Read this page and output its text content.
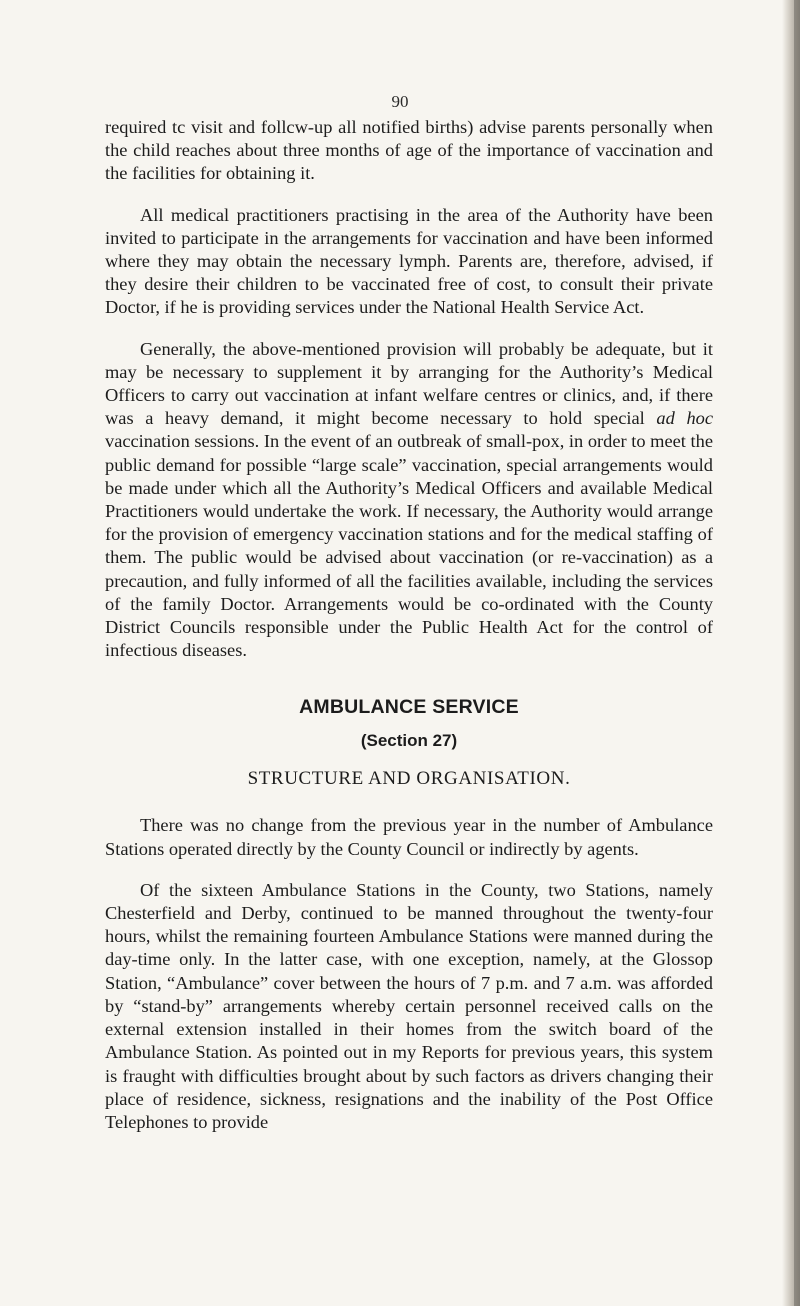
90

required tc visit and follcw-up all notified births) advise parents personally when the child reaches about three months of age of the importance of vaccination and the facilities for obtaining it.

All medical practitioners practising in the area of the Authority have been invited to participate in the arrangements for vaccination and have been informed where they may obtain the necessary lymph. Parents are, therefore, advised, if they desire their children to be vaccinated free of cost, to consult their private Doctor, if he is providing services under the National Health Service Act.

Generally, the above-mentioned provision will probably be adequate, but it may be necessary to supplement it by arranging for the Authority’s Medical Officers to carry out vaccination at infant welfare centres or clinics, and, if there was a heavy demand, it might become necessary to hold special ad hoc vaccination sessions. In the event of an outbreak of small-pox, in order to meet the public demand for possible “large scale” vaccination, special arrangements would be made under which all the Authority’s Medical Officers and available Medical Practitioners would undertake the work. If necessary, the Authority would arrange for the provision of emergency vaccination stations and for the medical staffing of them. The public would be advised about vaccination (or re-vaccination) as a precaution, and fully informed of all the facilities available, including the services of the family Doctor. Arrangements would be co-ordinated with the County District Councils responsible under the Public Health Act for the control of infectious diseases.

AMBULANCE SERVICE
(Section 27)
STRUCTURE AND ORGANISATION.

There was no change from the previous year in the number of Ambulance Stations operated directly by the County Council or indirectly by agents.

Of the sixteen Ambulance Stations in the County, two Stations, namely Chesterfield and Derby, continued to be manned throughout the twenty-four hours, whilst the remaining fourteen Ambulance Stations were manned during the day-time only. In the latter case, with one exception, namely, at the Glossop Station, “Ambulance” cover between the hours of 7 p.m. and 7 a.m. was afforded by “stand-by” arrangements whereby certain personnel received calls on the external extension installed in their homes from the switch board of the Ambulance Station. As pointed out in my Reports for previous years, this system is fraught with difficulties brought about by such factors as drivers changing their place of residence, sickness, resignations and the inability of the Post Office Telephones to provide
